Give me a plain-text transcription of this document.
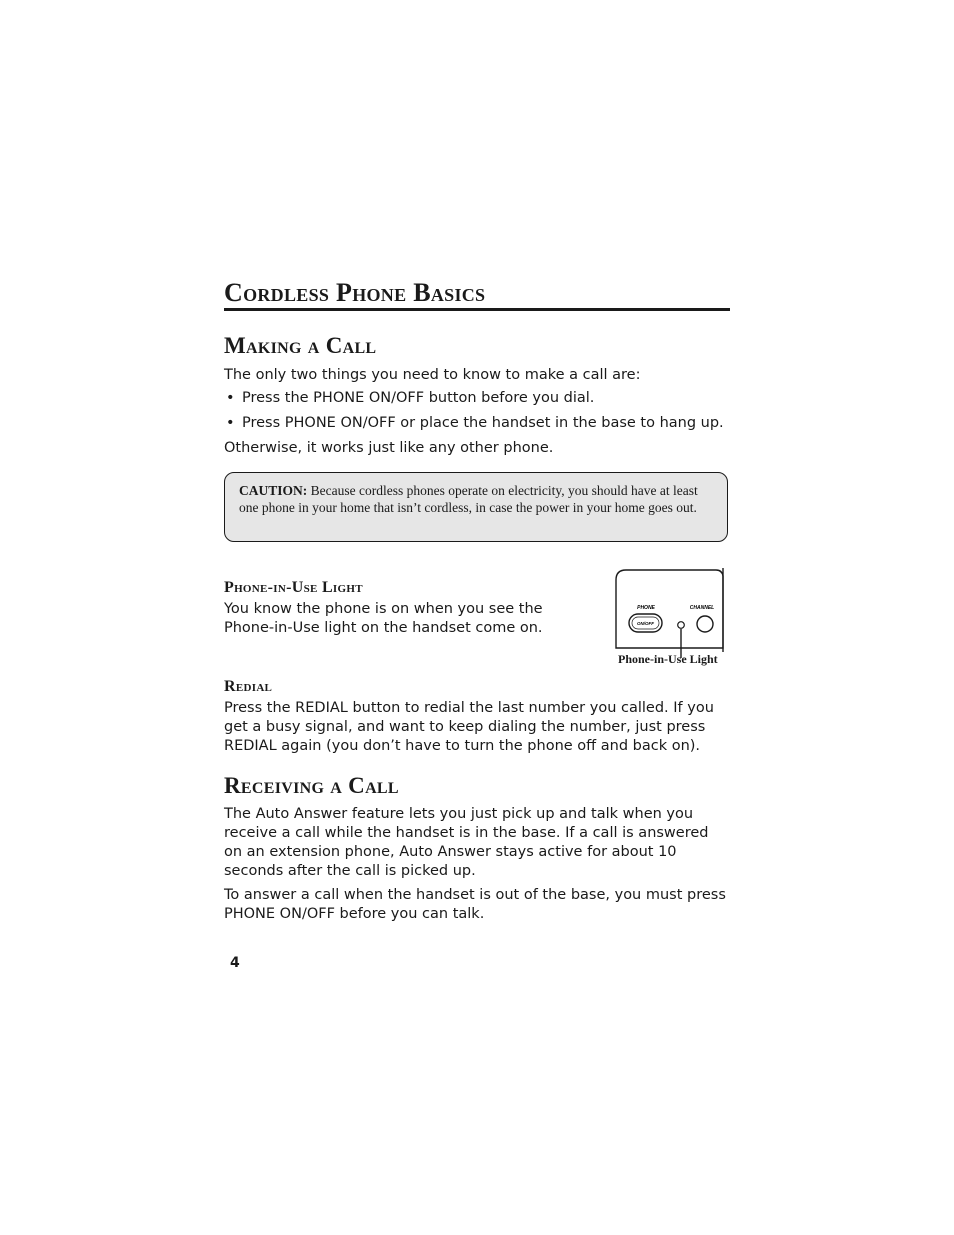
Cordless Phone Basics
Making a Call

The only two things you need to know to make a call are:

• Press the PHONE ON/OFF button before you dial.
• Press PHONE ON/OFF or place the handset in the base to hang up.

Otherwise, it works just like any other phone.

CAUTION: Because cordless phones operate on electricity, you should have at least one phone in your home that isn’t cordless, in case the power in your home goes out.
Phone-in-Use Light

You know the phone is on when you see the Phone-in-Use light on the handset come on.

PHONE	CHANNEL
ON/OFF
Phone-in-Use Light
Redial

Press the REDIAL button to redial the last number you called. If you get a busy signal, and want to keep dialing the number, just press REDIAL again (you don’t have to turn the phone off and back on).

Receiving a Call

The Auto Answer feature lets you just pick up and talk when you receive a call while the handset is in the base. If a call is answered on an extension phone, Auto Answer stays active for about 10 seconds after the call is picked up.

To answer a call when the handset is out of the base, you must press PHONE ON/OFF before you can talk.

4
